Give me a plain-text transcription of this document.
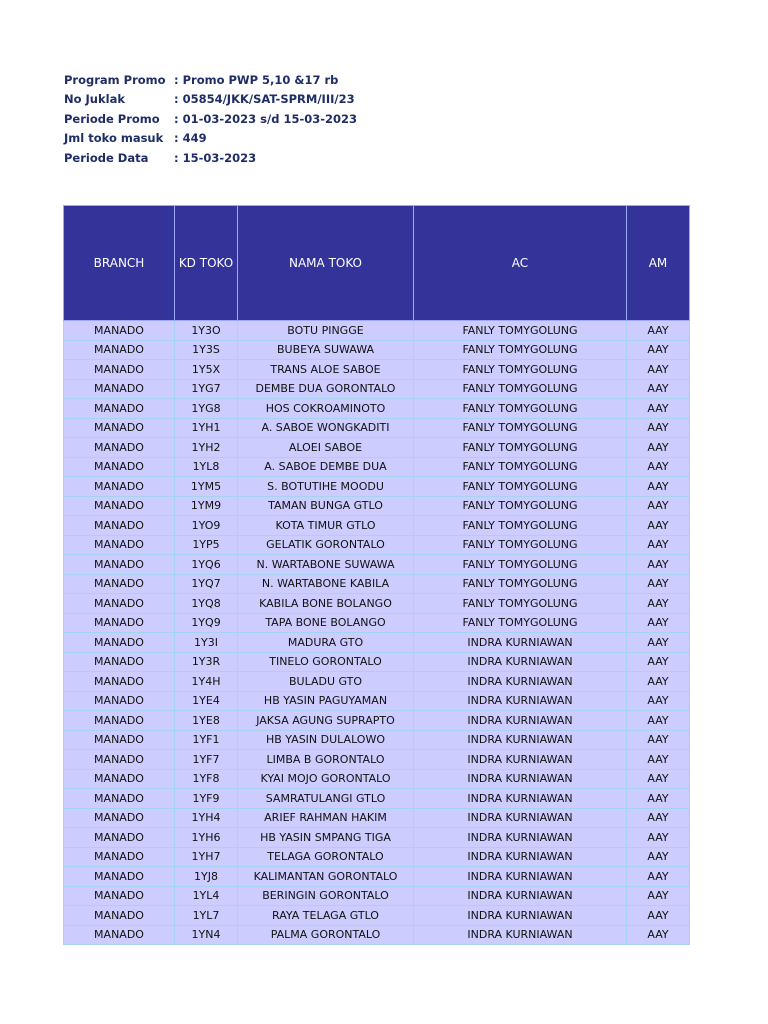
Program Promo : Promo PWP 5,10 &17 rb
No Juklak	: 05854/JKK/SAT-SPRM/III/23
Periode Promo	: 01-03-2023 s/d 15-03-2023
Jml toko masuk : 449
Periode Data	: 15-03-2023
BRANCH	KD TOKO	NAMA TOKO	AC	AM
MANADO	1Y3O	BOTU PINGGE	FANLY TOMYGOLUNG	AAY
MANADO	1Y3S	BUBEYA SUWAWA	FANLY TOMYGOLUNG	AAY
MANADO	1Y5X	TRANS ALOE SABOE	FANLY TOMYGOLUNG	AAY
MANADO	1YG7	DEMBE DUA GORONTALO	FANLY TOMYGOLUNG	AAY
MANADO	1YG8	HOS COKROAMINOTO	FANLY TOMYGOLUNG	AAY
MANADO	1YH1	A. SABOE WONGKADITI	FANLY TOMYGOLUNG	AAY
MANADO	1YH2	ALOEI SABOE	FANLY TOMYGOLUNG	AAY
MANADO	1YL8	A. SABOE DEMBE DUA	FANLY TOMYGOLUNG	AAY
MANADO	1YM5	S. BOTUTIHE MOODU	FANLY TOMYGOLUNG	AAY
MANADO	1YM9	TAMAN BUNGA GTLO	FANLY TOMYGOLUNG	AAY
MANADO	1YO9	KOTA TIMUR GTLO	FANLY TOMYGOLUNG	AAY
MANADO	1YP5	GELATIK GORONTALO	FANLY TOMYGOLUNG	AAY
MANADO	1YQ6	N. WARTABONE SUWAWA	FANLY TOMYGOLUNG	AAY
MANADO	1YQ7	N. WARTABONE KABILA	FANLY TOMYGOLUNG	AAY
MANADO	1YQ8	KABILA BONE BOLANGO	FANLY TOMYGOLUNG	AAY
MANADO	1YQ9	TAPA BONE BOLANGO	FANLY TOMYGOLUNG	AAY
MANADO	1Y3I	MADURA GTO	INDRA KURNIAWAN	AAY
MANADO	1Y3R	TINELO GORONTALO	INDRA KURNIAWAN	AAY
MANADO	1Y4H	BULADU GTO	INDRA KURNIAWAN	AAY
MANADO	1YE4	HB YASIN PAGUYAMAN	INDRA KURNIAWAN	AAY
MANADO	1YE8	JAKSA AGUNG SUPRAPTO	INDRA KURNIAWAN	AAY
MANADO	1YF1	HB YASIN DULALOWO	INDRA KURNIAWAN	AAY
MANADO	1YF7	LIMBA B GORONTALO	INDRA KURNIAWAN	AAY
MANADO	1YF8	KYAI MOJO GORONTALO	INDRA KURNIAWAN	AAY
MANADO	1YF9	SAMRATULANGI GTLO	INDRA KURNIAWAN	AAY
MANADO	1YH4	ARIEF RAHMAN HAKIM	INDRA KURNIAWAN	AAY
MANADO	1YH6	HB YASIN SMPANG TIGA	INDRA KURNIAWAN	AAY
MANADO	1YH7	TELAGA GORONTALO	INDRA KURNIAWAN	AAY
MANADO	1YJ8	KALIMANTAN GORONTALO	INDRA KURNIAWAN	AAY
MANADO	1YL4	BERINGIN GORONTALO	INDRA KURNIAWAN	AAY
MANADO	1YL7	RAYA TELAGA GTLO	INDRA KURNIAWAN	AAY
MANADO	1YN4	PALMA GORONTALO	INDRA KURNIAWAN	AAY
